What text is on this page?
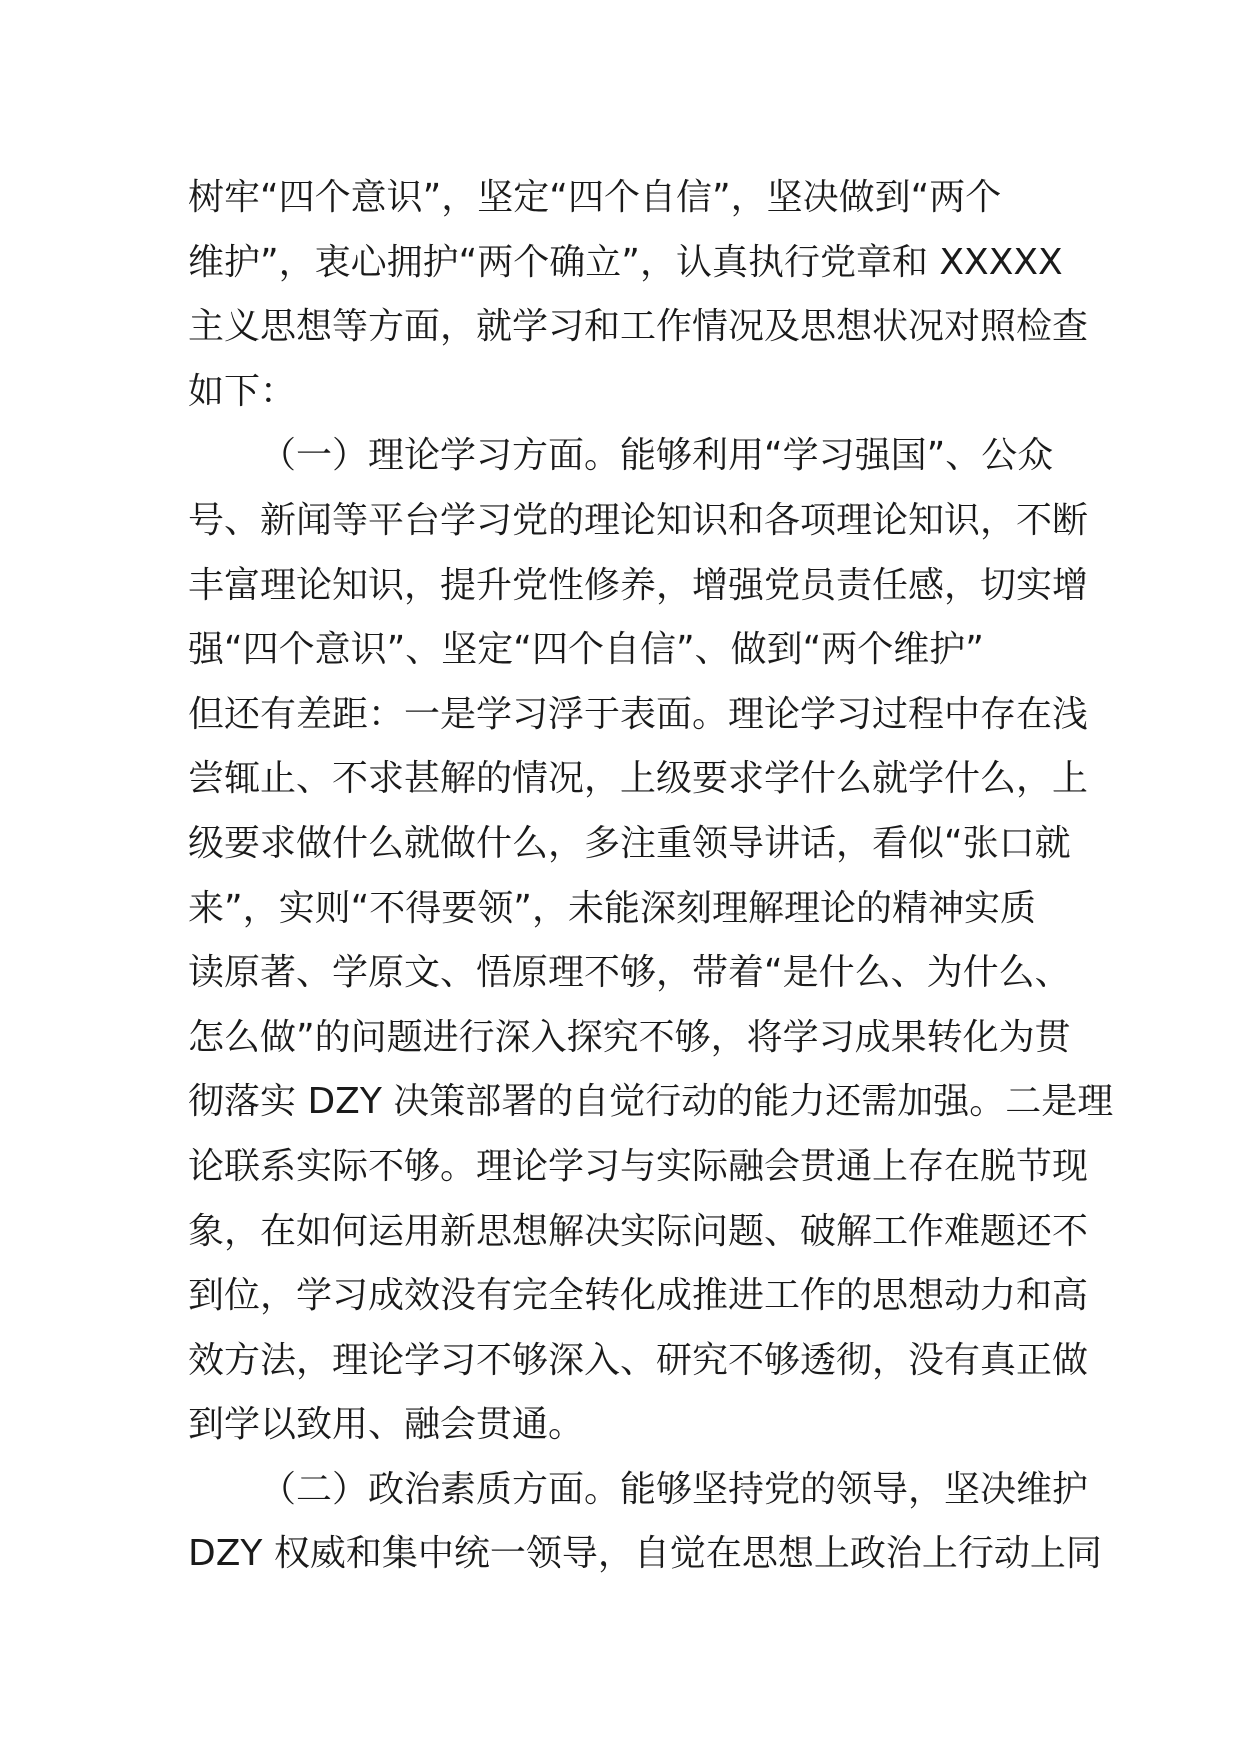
树牢“四个意识”，坚定“四个自信”，坚决做到“两个
维护”，衷心拥护“两个确立”，认真执行党章和 XXXXX
主义思想等方面，就学习和工作情况及思想状况对照检查
如下：
（一）理论学习方面。能够利用“学习强国”、公众
号、新闻等平台学习党的理论知识和各项理论知识，不断
丰富理论知识，提升党性修养，增强党员责任感，切实增
强“四个意识”、坚定“四个自信”、做到“两个维护”
但还有差距：一是学习浮于表面。理论学习过程中存在浅
尝辄止、不求甚解的情况，上级要求学什么就学什么，上
级要求做什么就做什么，多注重领导讲话，看似“张口就
来”，实则“不得要领”，未能深刻理解理论的精神实质
读原著、学原文、悟原理不够，带着“是什么、为什么、
怎么做”的问题进行深入探究不够，将学习成果转化为贯
彻落实 DZY 决策部署的自觉行动的能力还需加强。二是理
论联系实际不够。理论学习与实际融会贯通上存在脱节现
象，在如何运用新思想解决实际问题、破解工作难题还不
到位，学习成效没有完全转化成推进工作的思想动力和高
效方法，理论学习不够深入、研究不够透彻，没有真正做
到学以致用、融会贯通。
（二）政治素质方面。能够坚持党的领导，坚决维护
DZY 权威和集中统一领导，自觉在思想上政治上行动上同
